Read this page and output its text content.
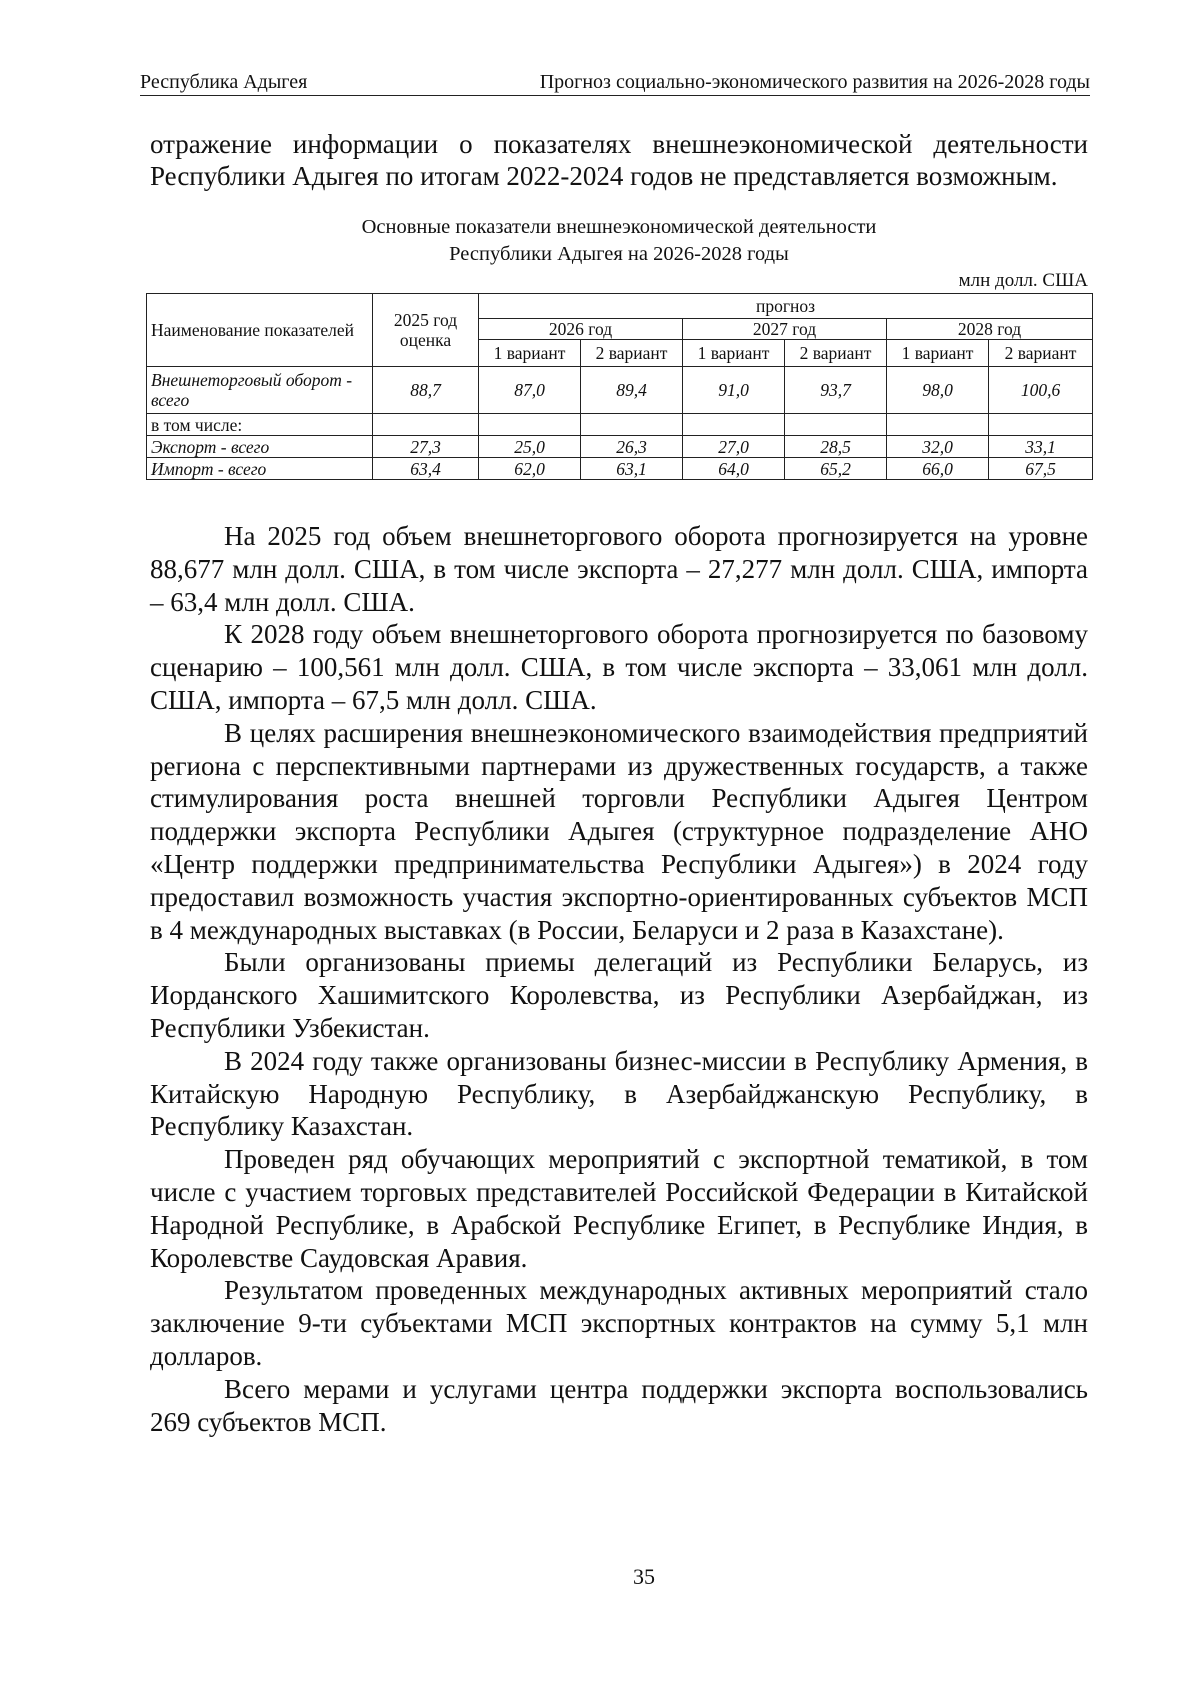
Республика Адыгея	Прогноз социально-экономического развития на 2026-2028 годы

отражение информации о показателях внешнеэкономической деятельности Республики Адыгея по итогам 2022-2024 годов не представляется возможным.

Основные показатели внешнеэкономической деятельности
Республики Адыгея на 2026-2028 годы
млн долл. США
Наименование показателей	2025 год оценка	прогноз					
		2026 год		2027 год		2028 год	
		1 вариант	2 вариант	1 вариант	2 вариант	1 вариант	2 вариант
Внешнеторговый оборот - всего	88,7	87,0	89,4	91,0	93,7	98,0	100,6
в том числе:							
Экспорт - всего	27,3	25,0	26,3	27,0	28,5	32,0	33,1
Импорт - всего	63,4	62,0	63,1	64,0	65,2	66,0	67,5

На 2025 год объем внешнеторгового оборота прогнозируется на уровне 88,677 млн долл. США, в том числе экспорта – 27,277 млн долл. США, импорта – 63,4 млн долл. США.

К 2028 году объем внешнеторгового оборота прогнозируется по базовому сценарию – 100,561 млн долл. США, в том числе экспорта – 33,061 млн долл. США, импорта – 67,5 млн долл. США.

В целях расширения внешнеэкономического взаимодействия предприятий региона с перспективными партнерами из дружественных государств, а также стимулирования роста внешней торговли Республики Адыгея Центром поддержки экспорта Республики Адыгея (структурное подразделение АНО «Центр поддержки предпринимательства Республики Адыгея») в 2024 году предоставил возможность участия экспортно-ориентированных субъектов МСП в 4 международных выставках (в России, Беларуси и 2 раза в Казахстане).

Были организованы приемы делегаций из Республики Беларусь, из Иорданского Хашимитского Королевства, из Республики Азербайджан, из Республики Узбекистан.

В 2024 году также организованы бизнес-миссии в Республику Армения, в Китайскую Народную Республику, в Азербайджанскую Республику, в Республику Казахстан.

Проведен ряд обучающих мероприятий с экспортной тематикой, в том числе с участием торговых представителей Российской Федерации в Китайской Народной Республике, в Арабской Республике Египет, в Республике Индия, в Королевстве Саудовская Аравия.

Результатом проведенных международных активных мероприятий стало заключение 9-ти субъектами МСП экспортных контрактов на сумму 5,1 млн долларов.

Всего мерами и услугами центра поддержки экспорта воспользовались 269 субъектов МСП.

35
